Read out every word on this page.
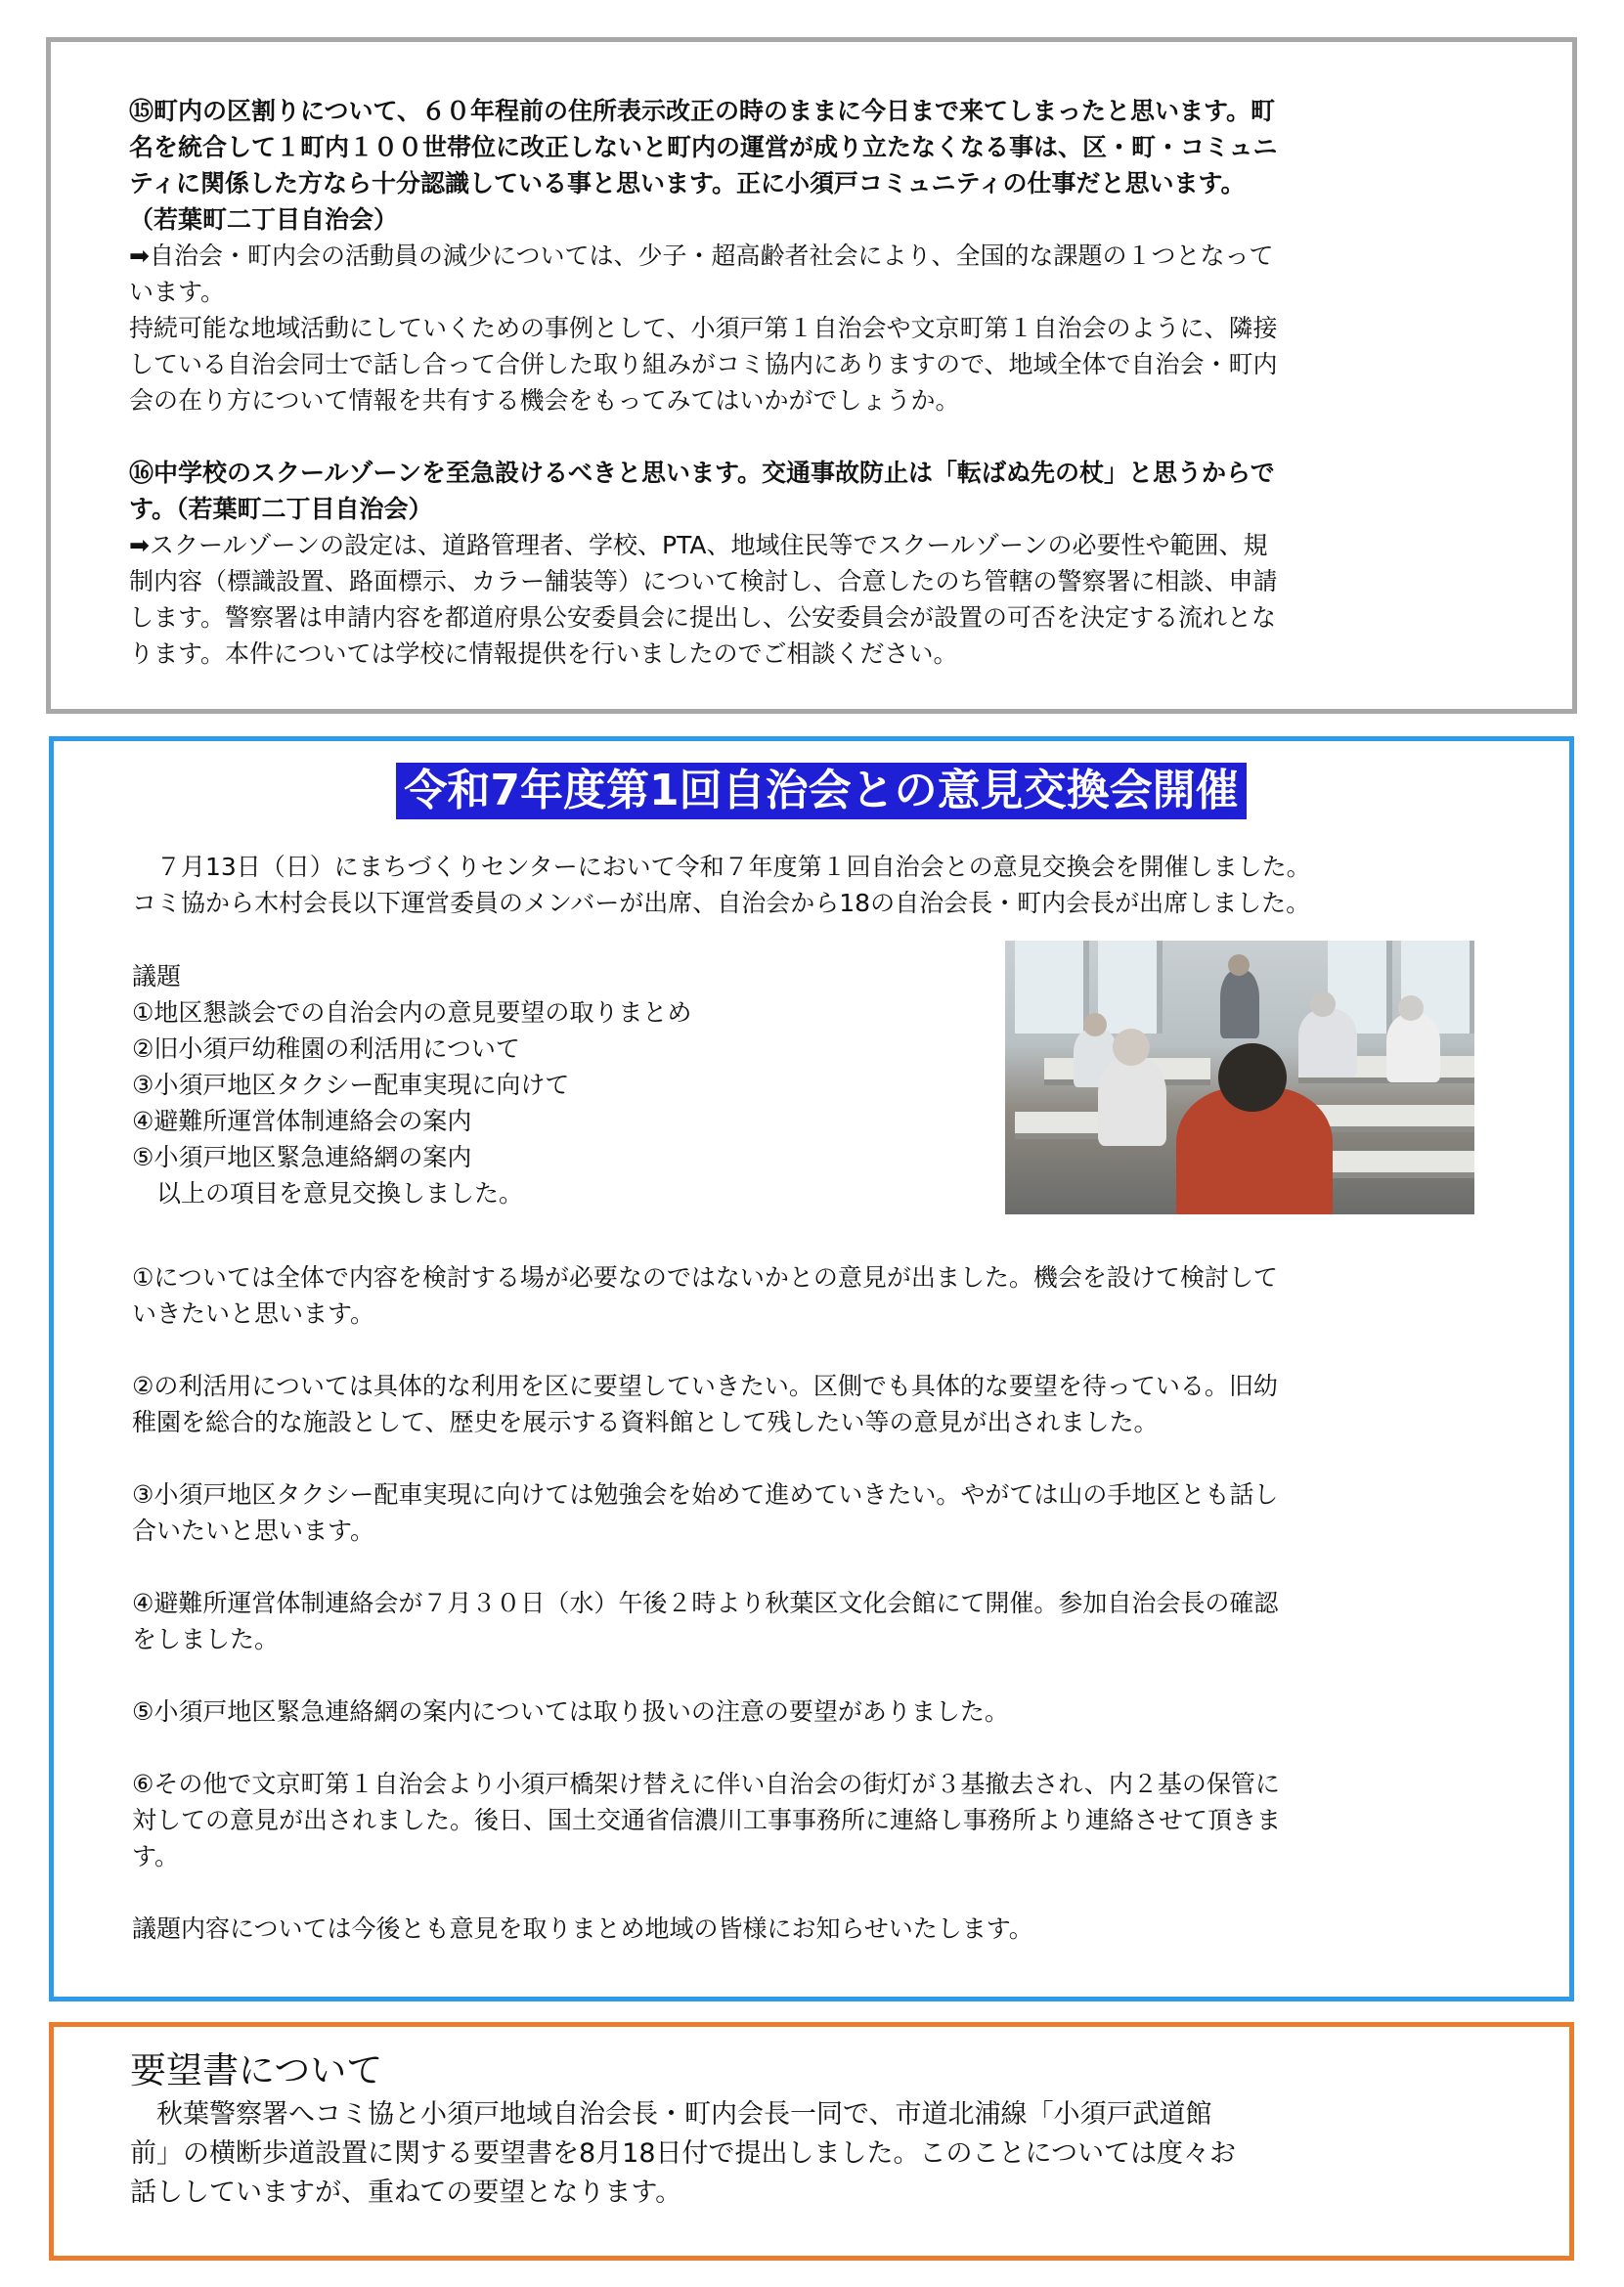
⑮町内の区割りについて、６０年程前の住所表示改正の時のままに今日まで来てしまったと思います。町

名を統合して１町内１００世帯位に改正しないと町内の運営が成り立たなくなる事は、区・町・コミュニ

ティに関係した方なら十分認識している事と思います。正に小須戸コミュニティの仕事だと思います。

（若葉町二丁目自治会）

➡自治会・町内会の活動員の減少については、少子・超高齢者社会により、全国的な課題の１つとなって

います。

持続可能な地域活動にしていくための事例として、小須戸第１自治会や文京町第１自治会のように、隣接

している自治会同士で話し合って合併した取り組みがコミ協内にありますので、地域全体で自治会・町内

会の在り方について情報を共有する機会をもってみてはいかがでしょうか。

⑯中学校のスクールゾーンを至急設けるべきと思います。交通事故防止は「転ばぬ先の杖」と思うからで

す。（若葉町二丁目自治会）

➡スクールゾーンの設定は、道路管理者、学校、PTA、地域住民等でスクールゾーンの必要性や範囲、規

制内容（標識設置、路面標示、カラー舗装等）について検討し、合意したのち管轄の警察署に相談、申請

します。警察署は申請内容を都道府県公安委員会に提出し、公安委員会が設置の可否を決定する流れとな

ります。本件については学校に情報提供を行いましたのでご相談ください。

令和7年度第1回自治会との意見交換会開催

　７月13日（日）にまちづくりセンターにおいて令和７年度第１回自治会との意見交換会を開催しました。

コミ協から木村会長以下運営委員のメンバーが出席、自治会から18の自治会長・町内会長が出席しました。

議題

①地区懇談会での自治会内の意見要望の取りまとめ

②旧小須戸幼稚園の利活用について

③小須戸地区タクシー配車実現に向けて

④避難所運営体制連絡会の案内

⑤小須戸地区緊急連絡網の案内

　以上の項目を意見交換しました。

①については全体で内容を検討する場が必要なのではないかとの意見が出ました。機会を設けて検討して

いきたいと思います。

②の利活用については具体的な利用を区に要望していきたい。区側でも具体的な要望を待っている。旧幼

稚園を総合的な施設として、歴史を展示する資料館として残したい等の意見が出されました。

③小須戸地区タクシー配車実現に向けては勉強会を始めて進めていきたい。やがては山の手地区とも話し

合いたいと思います。

④避難所運営体制連絡会が７月３０日（水）午後２時より秋葉区文化会館にて開催。参加自治会長の確認

をしました。

⑤小須戸地区緊急連絡網の案内については取り扱いの注意の要望がありました。

⑥その他で文京町第１自治会より小須戸橋架け替えに伴い自治会の街灯が３基撤去され、内２基の保管に

対しての意見が出されました。後日、国土交通省信濃川工事事務所に連絡し事務所より連絡させて頂きま

す。

議題内容については今後とも意見を取りまとめ地域の皆様にお知らせいたします。

要望書について

　秋葉警察署へコミ協と小須戸地域自治会長・町内会長一同で、市道北浦線「小須戸武道館

前」の横断歩道設置に関する要望書を8月18日付で提出しました。このことについては度々お

話ししていますが、重ねての要望となります。
